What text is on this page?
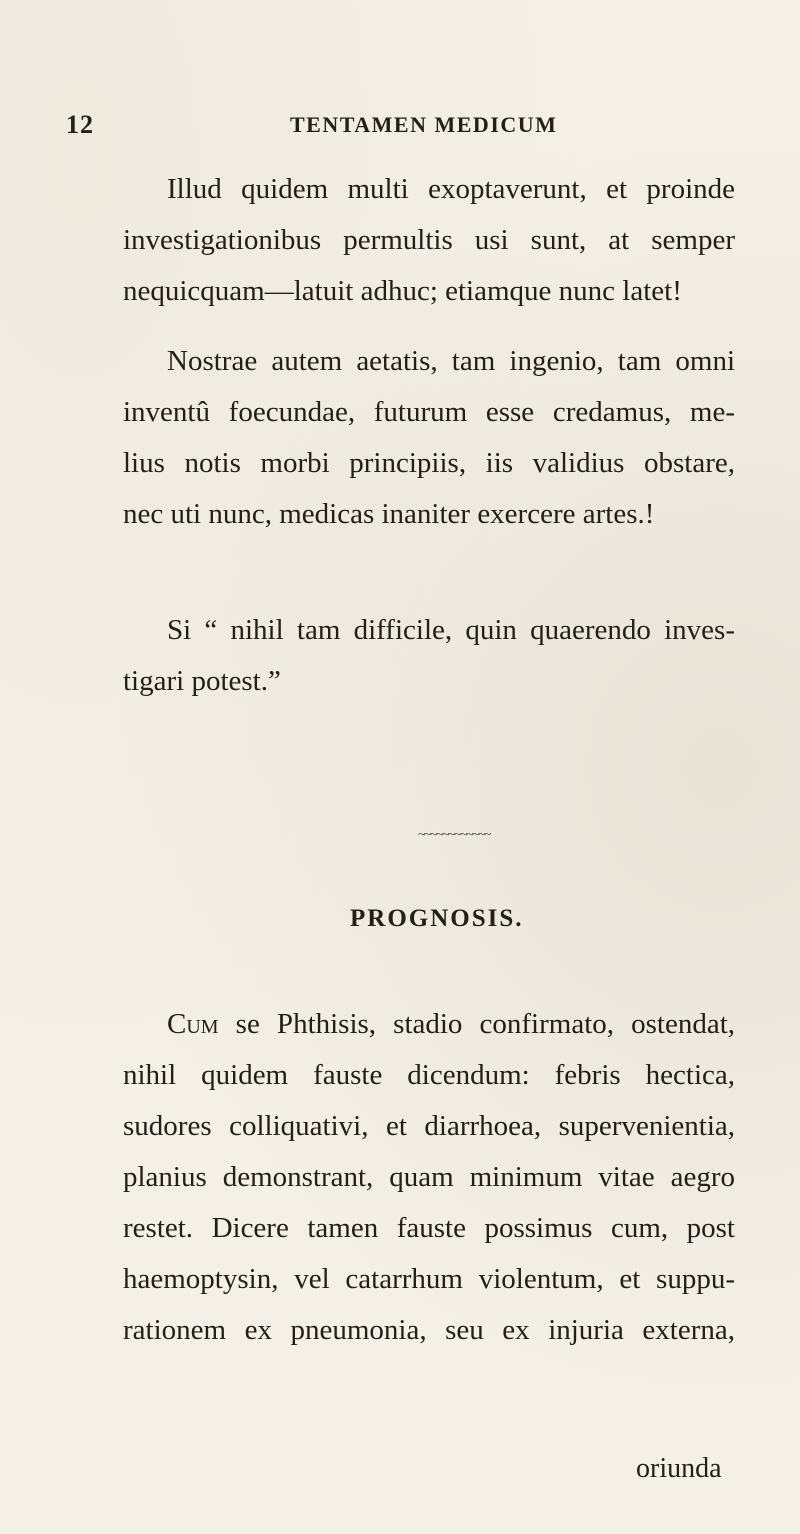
12	TENTAMEN MEDICUM
Illud quidem multi exoptaverunt, et proinde
investigationibus permultis usi sunt, at semper
nequicquam—latuit adhuc; etiamque nunc latet!
Nostrae autem aetatis, tam ingenio, tam omni
inventû foecundae, futurum esse credamus, me-
lius notis morbi principiis, iis validius obstare,
nec uti nunc, medicas inaniter exercere artes.!
Si “ nihil tam difficile, quin quaerendo inves-
tigari potest.”
~~~~~~~~~~~~
PROGNOSIS.
Cum se Phthisis, stadio confirmato, ostendat,
nihil quidem fauste dicendum: febris hectica,
sudores colliquativi, et diarrhoea, supervenientia,
planius demonstrant, quam minimum vitae aegro
restet. Dicere tamen fauste possimus cum, post
haemoptysin, vel catarrhum violentum, et suppu-
rationem ex pneumonia, seu ex injuria externa,
oriunda
